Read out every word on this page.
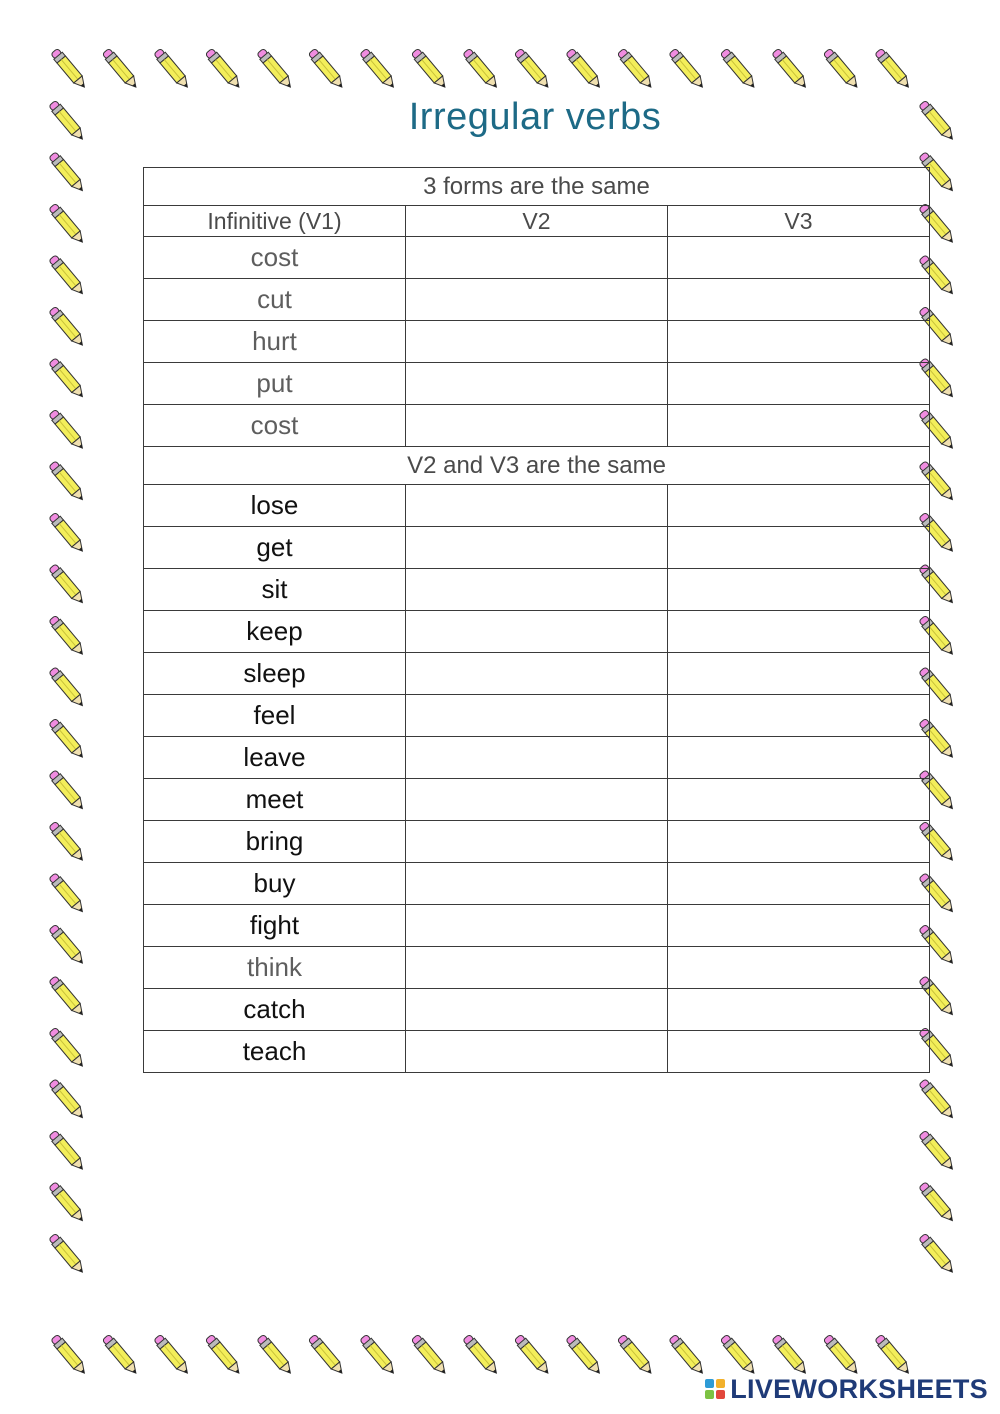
Irregular verbs
3 forms are the same		
Infinitive (V1)	V2	V3
cost		
cut		
hurt		
put		
cost		
V2 and V3 are the same		
lose		
get		
sit		
keep		
sleep		
feel		
leave		
meet		
bring		
buy		
fight		
think		
catch		
teach		
LIVEWORKSHEETS
